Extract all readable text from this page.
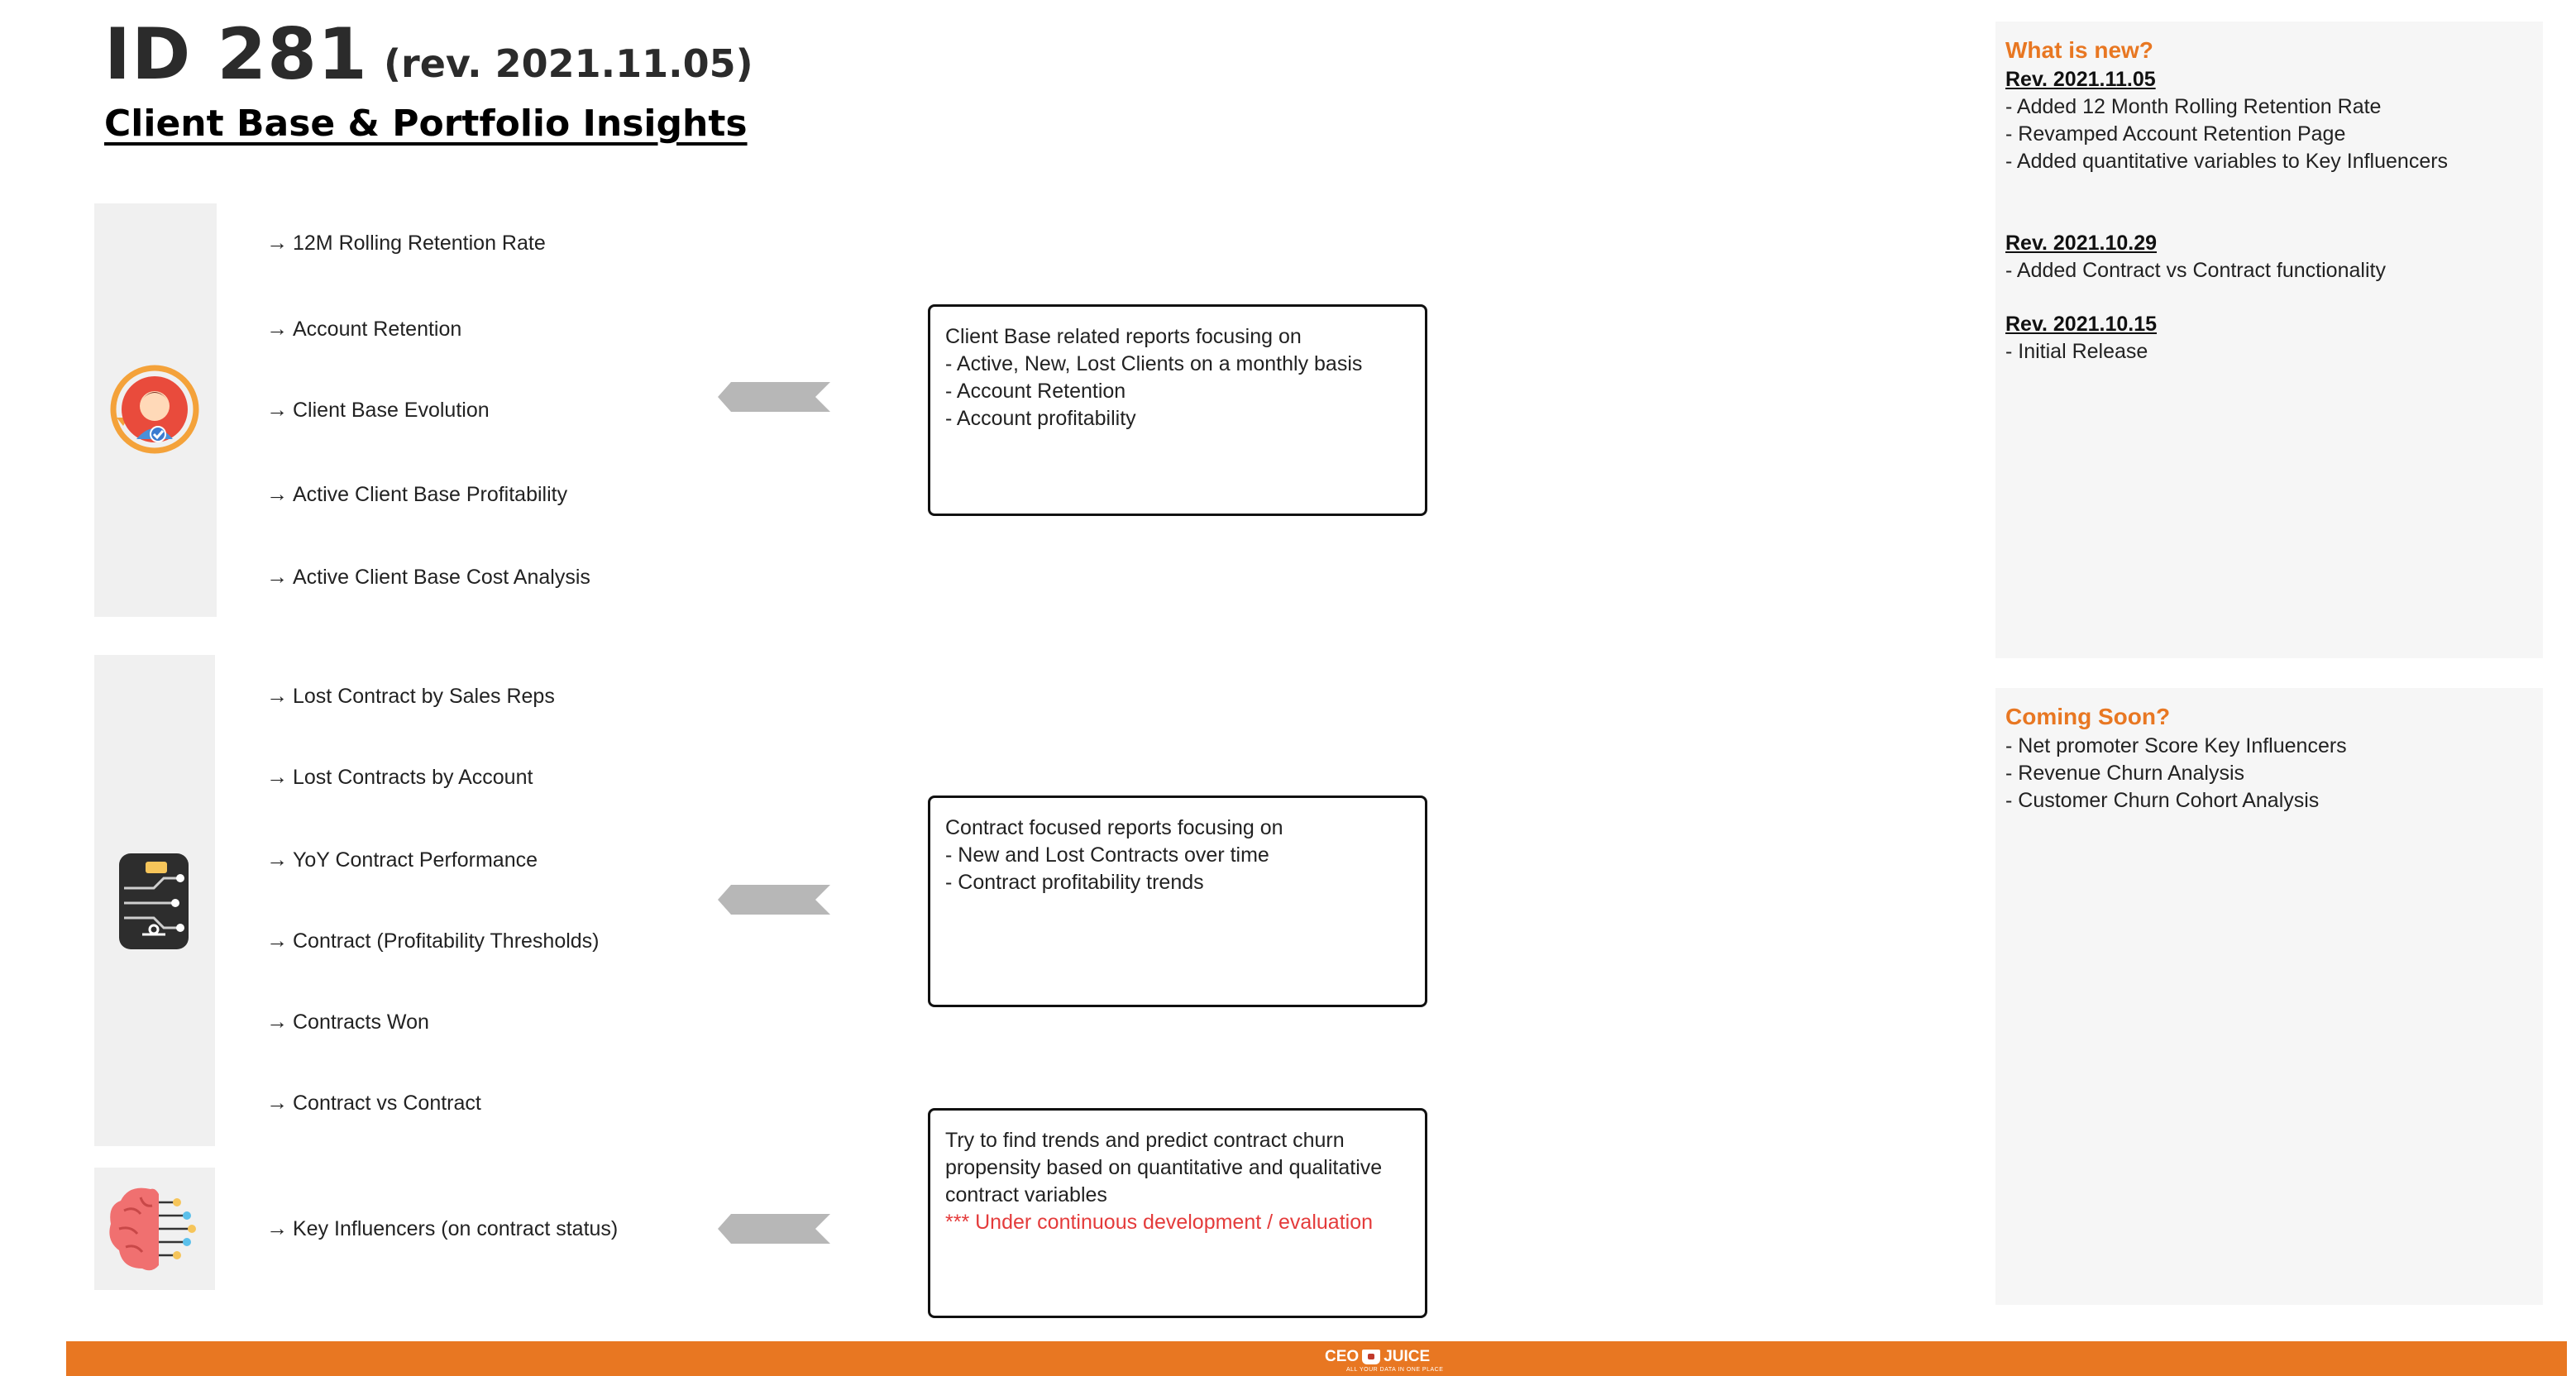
ID 281 (rev. 2021.11.05)
Client Base & Portfolio Insights
→ 12M Rolling Retention Rate
→ Account Retention
→ Client Base Evolution
→ Active Client Base Profitability
→ Active Client Base Cost Analysis
Client Base related reports focusing on
- Active, New, Lost Clients on a monthly basis
- Account Retention
- Account profitability
→ Lost Contract by Sales Reps
→ Lost Contracts by Account
→ YoY Contract Performance
→ Contract (Profitability Thresholds)
→ Contracts Won
→ Contract vs Contract
Contract focused reports focusing on
- New and Lost Contracts over time
- Contract profitability trends
→ Key Influencers (on contract status)
Try to find trends and predict contract churn
propensity based on quantitative and qualitative
contract variables
*** Under continuous development / evaluation
What is new?
Rev. 2021.11.05
- Added 12 Month Rolling Retention Rate
- Revamped Account Retention Page
- Added quantitative variables to Key Influencers
Rev. 2021.10.29
- Added Contract vs Contract functionality
Rev. 2021.10.15
- Initial Release
Coming Soon?
- Net promoter Score Key Influencers
- Revenue Churn Analysis
- Customer Churn Cohort Analysis
CEO JUICE
ALL YOUR DATA IN ONE PLACE
